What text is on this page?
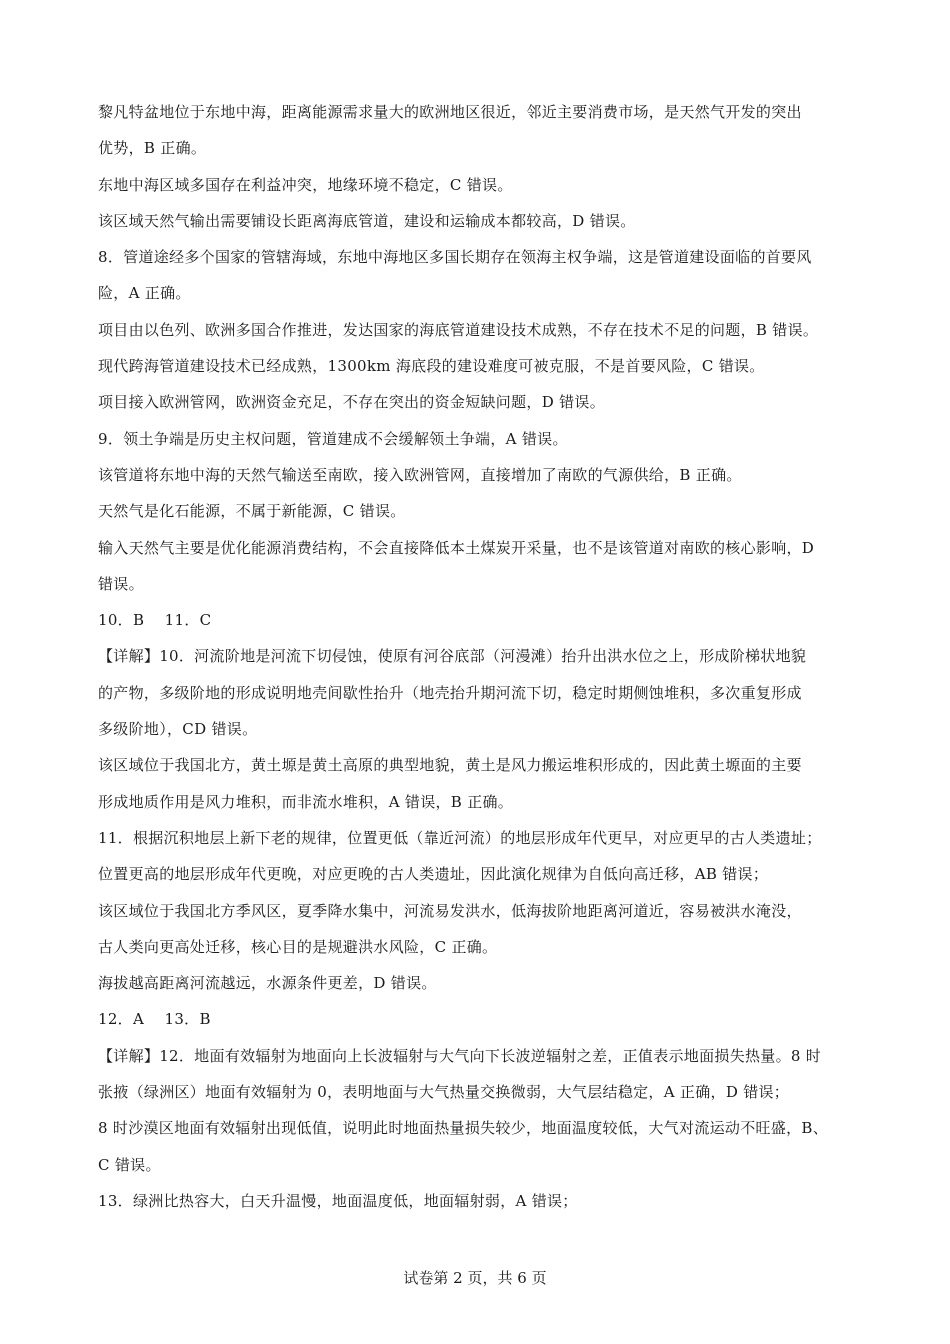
黎凡特盆地位于东地中海，距离能源需求量大的欧洲地区很近，邻近主要消费市场，是天然气开发的突出
优势，B 正确。
东地中海区域多国存在利益冲突，地缘环境不稳定，C 错误。
该区域天然气输出需要铺设长距离海底管道，建设和运输成本都较高，D 错误。
8．管道途经多个国家的管辖海域，东地中海地区多国长期存在领海主权争端，这是管道建设面临的首要风
险，A 正确。
项目由以色列、欧洲多国合作推进，发达国家的海底管道建设技术成熟，不存在技术不足的问题，B 错误。
现代跨海管道建设技术已经成熟，1300km 海底段的建设难度可被克服，不是首要风险，C 错误。
项目接入欧洲管网，欧洲资金充足，不存在突出的资金短缺问题，D 错误。
9．领土争端是历史主权问题，管道建成不会缓解领土争端，A 错误。
该管道将东地中海的天然气输送至南欧，接入欧洲管网，直接增加了南欧的气源供给，B 正确。
天然气是化石能源，不属于新能源，C 错误。
输入天然气主要是优化能源消费结构，不会直接降低本土煤炭开采量，也不是该管道对南欧的核心影响，D
错误。
10．B　 11．C
【详解】10．河流阶地是河流下切侵蚀，使原有河谷底部（河漫滩）抬升出洪水位之上，形成阶梯状地貌
的产物，多级阶地的形成说明地壳间歇性抬升（地壳抬升期河流下切，稳定时期侧蚀堆积，多次重复形成
多级阶地），CD 错误。
该区域位于我国北方，黄土塬是黄土高原的典型地貌，黄土是风力搬运堆积形成的，因此黄土塬面的主要
形成地质作用是风力堆积，而非流水堆积，A 错误，B 正确。
11．根据沉积地层上新下老的规律，位置更低（靠近河流）的地层形成年代更早，对应更早的古人类遗址；
位置更高的地层形成年代更晚，对应更晚的古人类遗址，因此演化规律为自低向高迁移，AB 错误；
该区域位于我国北方季风区，夏季降水集中，河流易发洪水，低海拔阶地距离河道近，容易被洪水淹没，
古人类向更高处迁移，核心目的是规避洪水风险，C 正确。
海拔越高距离河流越远，水源条件更差，D 错误。
12．A　 13．B
【详解】12．地面有效辐射为地面向上长波辐射与大气向下长波逆辐射之差，正值表示地面损失热量。8 时
张掖（绿洲区）地面有效辐射为 0，表明地面与大气热量交换微弱，大气层结稳定，A 正确，D 错误；
8 时沙漠区地面有效辐射出现低值，说明此时地面热量损失较少，地面温度较低，大气对流运动不旺盛，B、
C 错误。
13．绿洲比热容大，白天升温慢，地面温度低，地面辐射弱，A 错误；
试卷第 2 页，共 6 页
